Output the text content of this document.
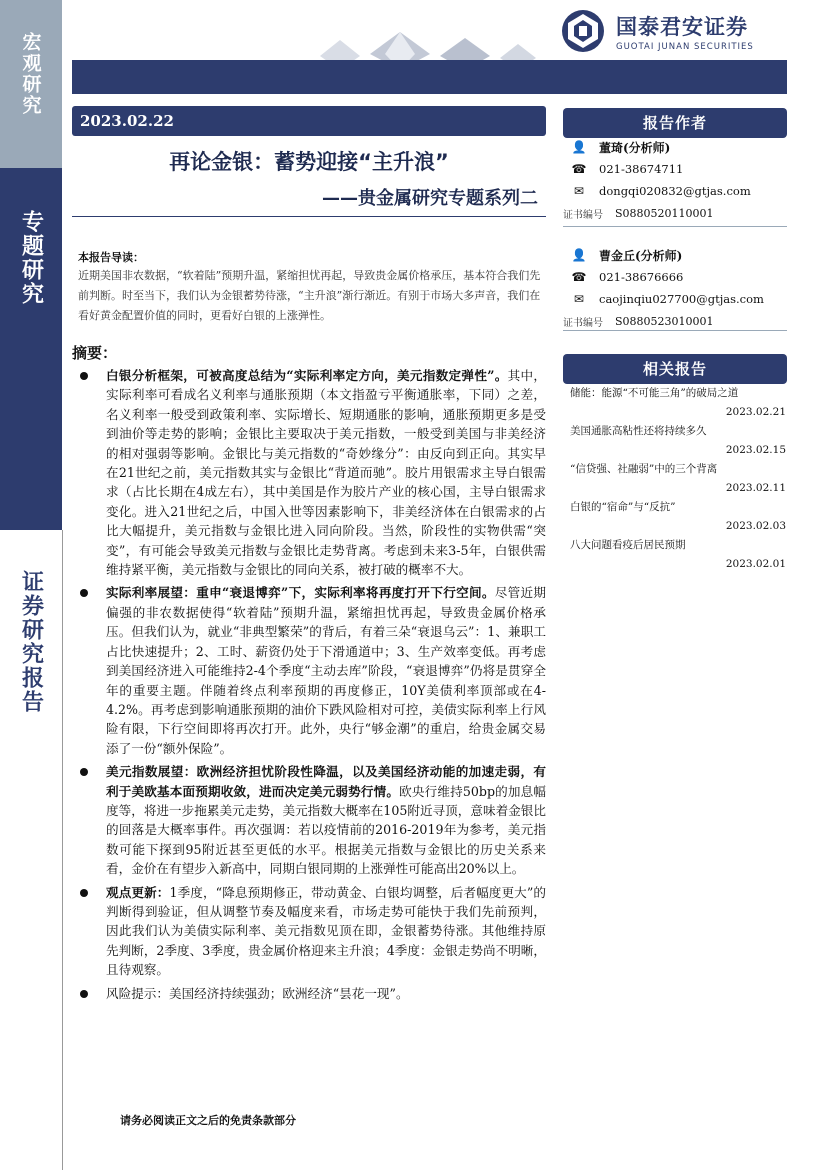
宏观研究
专题研究
证券研究报告
国泰君安证券
GUOTAI JUNAN SECURITIES
2023.02.22
再论金银：蓄势迎接“主升浪”
——贵金属研究专题系列二
本报告导读：
近期美国非农数据，“软着陆”预期升温，紧缩担忧再起，导致贵金属价格承压，基本符合我们先前判断。时至当下，我们认为金银蓄势待涨，“主升浪”渐行渐近。有别于市场大多声音，我们在看好黄金配置价值的同时，更看好白银的上涨弹性。
摘要：
白银分析框架，可被高度总结为“实际利率定方向，美元指数定弹性”。其中，实际利率可看成名义利率与通胀预期（本文指盈亏平衡通胀率，下同）之差，名义利率一般受到政策利率、实际增长、短期通胀的影响，通胀预期更多是受到油价等走势的影响；金银比主要取决于美元指数，一般受到美国与非美经济的相对强弱等影响。金银比与美元指数的“奇妙缘分”：由反向到正向。其实早在21世纪之前，美元指数其实与金银比“背道而驰”。胶片用银需求主导白银需求（占比长期在4成左右），其中美国是作为胶片产业的核心国，主导白银需求变化。进入21世纪之后，中国入世等因素影响下，非美经济体在白银需求的占比大幅提升，美元指数与金银比进入同向阶段。当然，阶段性的实物供需“突变”，有可能会导致美元指数与金银比走势背离。考虑到未来3-5年，白银供需维持紧平衡，美元指数与金银比的同向关系，被打破的概率不大。
实际利率展望：重申“衰退博弈”下，实际利率将再度打开下行空间。尽管近期偏强的非农数据使得“软着陆”预期升温，紧缩担忧再起，导致贵金属价格承压。但我们认为，就业“非典型繁荣”的背后，有着三朵“衰退乌云”：1、兼职工占比快速提升；2、工时、薪资仍处于下滑通道中；3、生产效率变低。再考虑到美国经济进入可能维持2-4个季度“主动去库”阶段，“衰退博弈”仍将是贯穿全年的重要主题。伴随着终点利率预期的再度修正，10Y美债利率顶部或在4-4.2%。再考虑到影响通胀预期的油价下跌风险相对可控，美债实际利率上行风险有限，下行空间即将再次打开。此外，央行“够金潮”的重启，给贵金属交易添了一份“额外保险”。
美元指数展望：欧洲经济担忧阶段性降温，以及美国经济动能的加速走弱，有利于美欧基本面预期收敛，进而决定美元弱势行情。欧央行维持50bp的加息幅度等，将进一步拖累美元走势，美元指数大概率在105附近寻顶，意味着金银比的回落是大概率事件。再次强调：若以疫情前的2016-2019年为参考，美元指数可能下探到95附近甚至更低的水平。根据美元指数与金银比的历史关系来看，金价在有望步入新高中，同期白银同期的上涨弹性可能高出20%以上。
观点更新：1季度，“降息预期修正，带动黄金、白银均调整，后者幅度更大”的判断得到验证，但从调整节奏及幅度来看，市场走势可能快于我们先前预判，因此我们认为美债实际利率、美元指数见顶在即，金银蓄势待涨。其他维持原先判断，2季度、3季度，贵金属价格迎来主升浪；4季度：金银走势尚不明晰，且待观察。
风险提示：美国经济持续强劲；欧洲经济“昙花一现”。
请务必阅读正文之后的免责条款部分
报告作者
👤 董琦(分析师)
☎ 021-38674711
✉ dongqi020832@gtjas.com
证书编号	S0880520110001
👤 曹金丘(分析师)
☎ 021-38676666
✉ caojinqiu027700@gtjas.com
证书编号	S0880523010001
相关报告
储能：能源“不可能三角”的破局之道
2023.02.21
美国通胀高粘性还将持续多久
2023.02.15
“信贷强、社融弱”中的三个背离
2023.02.11
白银的“宿命”与“反抗”
2023.02.03
八大问题看疫后居民预期
2023.02.01
